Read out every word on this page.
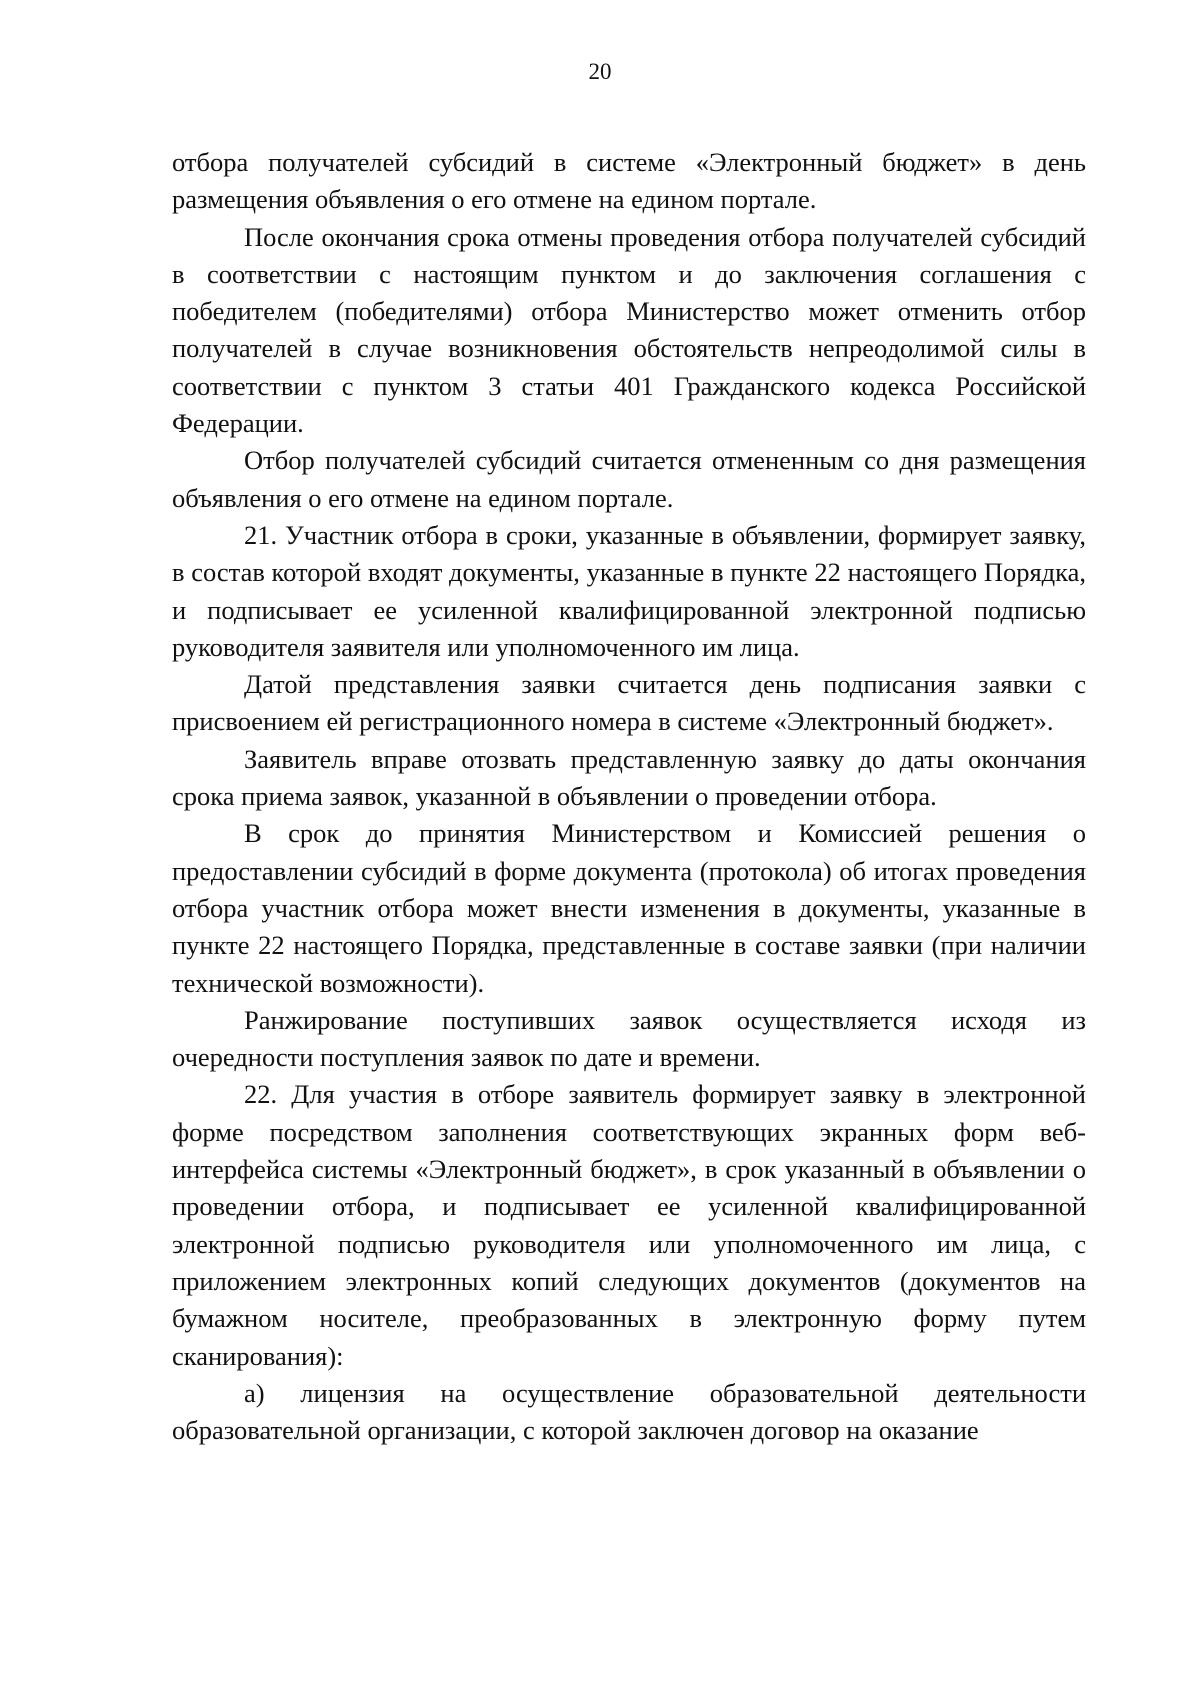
20

отбора получателей субсидий в системе «Электронный бюджет» в день размещения объявления о его отмене на едином портале.

После окончания срока отмены проведения отбора получателей субсидий в соответствии с настоящим пунктом и до заключения соглашения с победителем (победителями) отбора Министерство может отменить отбор получателей в случае возникновения обстоятельств непреодолимой силы в соответствии с пунктом 3 статьи 401 Гражданского кодекса Российской Федерации.

Отбор получателей субсидий считается отмененным со дня размещения объявления о его отмене на едином портале.

21. Участник отбора в сроки, указанные в объявлении, формирует заявку, в состав которой входят документы, указанные в пункте 22 настоящего Порядка, и подписывает ее усиленной квалифицированной электронной подписью руководителя заявителя или уполномоченного им лица.

Датой представления заявки считается день подписания заявки с присвоением ей регистрационного номера в системе «Электронный бюджет».

Заявитель вправе отозвать представленную заявку до даты окончания срока приема заявок, указанной в объявлении о проведении отбора.

В срок до принятия Министерством и Комиссией решения о предоставлении субсидий в форме документа (протокола) об итогах проведения отбора участник отбора может внести изменения в документы, указанные в пункте 22 настоящего Порядка, представленные в составе заявки (при наличии технической возможности).

Ранжирование поступивших заявок осуществляется исходя из очередности поступления заявок по дате и времени.

22. Для участия в отборе заявитель формирует заявку в электронной форме посредством заполнения соответствующих экранных форм веб-интерфейса системы «Электронный бюджет», в срок указанный в объявлении о проведении отбора, и подписывает ее усиленной квалифицированной электронной подписью руководителя или уполномоченного им лица, с приложением электронных копий следующих документов (документов на бумажном носителе, преобразованных в электронную форму путем сканирования):

а) лицензия на осуществление образовательной деятельности образовательной организации, с которой заключен договор на оказание
